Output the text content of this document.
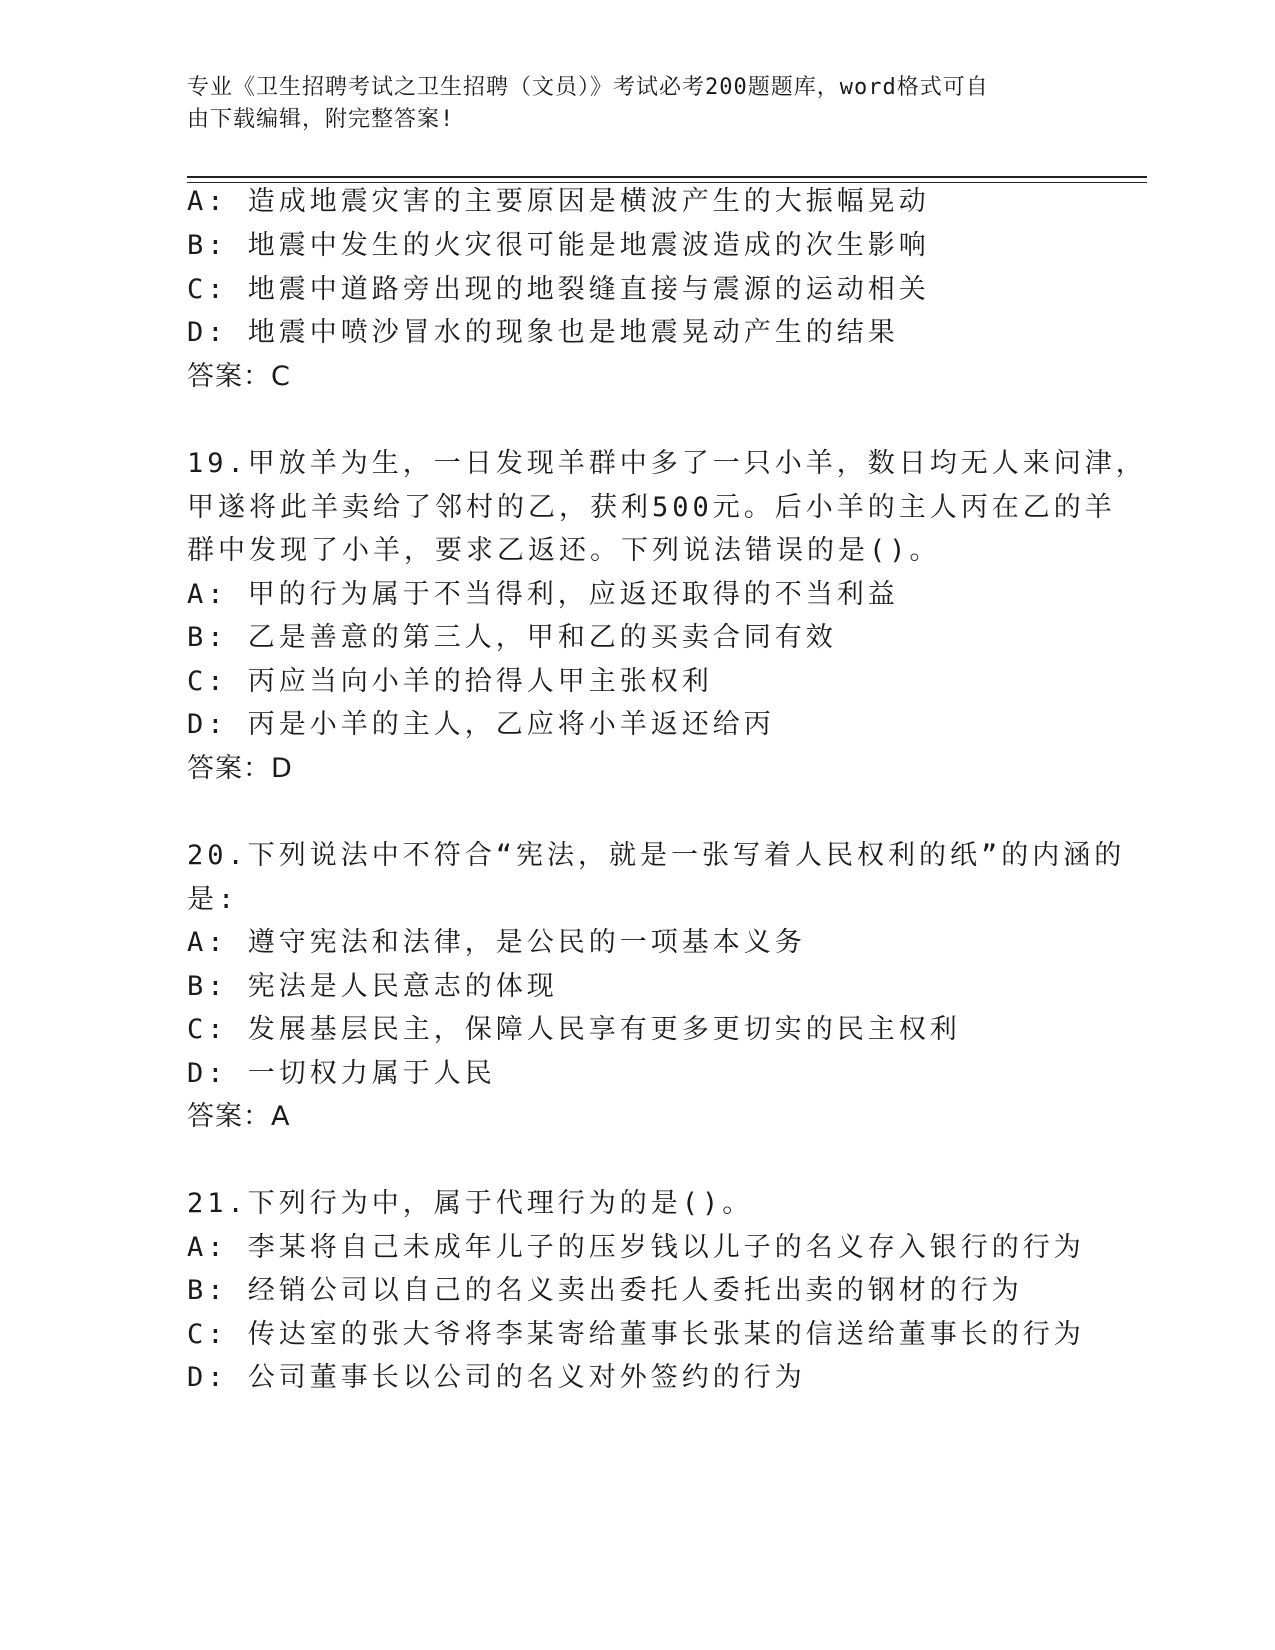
专业《卫生招聘考试之卫生招聘（文员）》考试必考200题题库，word格式可自
由下载编辑，附完整答案!
A: 造成地震灾害的主要原因是横波产生的大振幅晃动
B: 地震中发生的火灾很可能是地震波造成的次生影响
C: 地震中道路旁出现的地裂缝直接与震源的运动相关
D: 地震中喷沙冒水的现象也是地震晃动产生的结果
答案：C
19.甲放羊为生，一日发现羊群中多了一只小羊，数日均无人来问津，
甲遂将此羊卖给了邻村的乙，获利500元。后小羊的主人丙在乙的羊
群中发现了小羊，要求乙返还。下列说法错误的是()。
A: 甲的行为属于不当得利，应返还取得的不当利益
B: 乙是善意的第三人，甲和乙的买卖合同有效
C: 丙应当向小羊的拾得人甲主张权利
D: 丙是小羊的主人，乙应将小羊返还给丙
答案：D
20.下列说法中不符合“宪法，就是一张写着人民权利的纸”的内涵的
是:
A: 遵守宪法和法律，是公民的一项基本义务
B: 宪法是人民意志的体现
C: 发展基层民主，保障人民享有更多更切实的民主权利
D: 一切权力属于人民
答案：A
21.下列行为中，属于代理行为的是()。
A: 李某将自己未成年儿子的压岁钱以儿子的名义存入银行的行为
B: 经销公司以自己的名义卖出委托人委托出卖的钢材的行为
C: 传达室的张大爷将李某寄给董事长张某的信送给董事长的行为
D: 公司董事长以公司的名义对外签约的行为
